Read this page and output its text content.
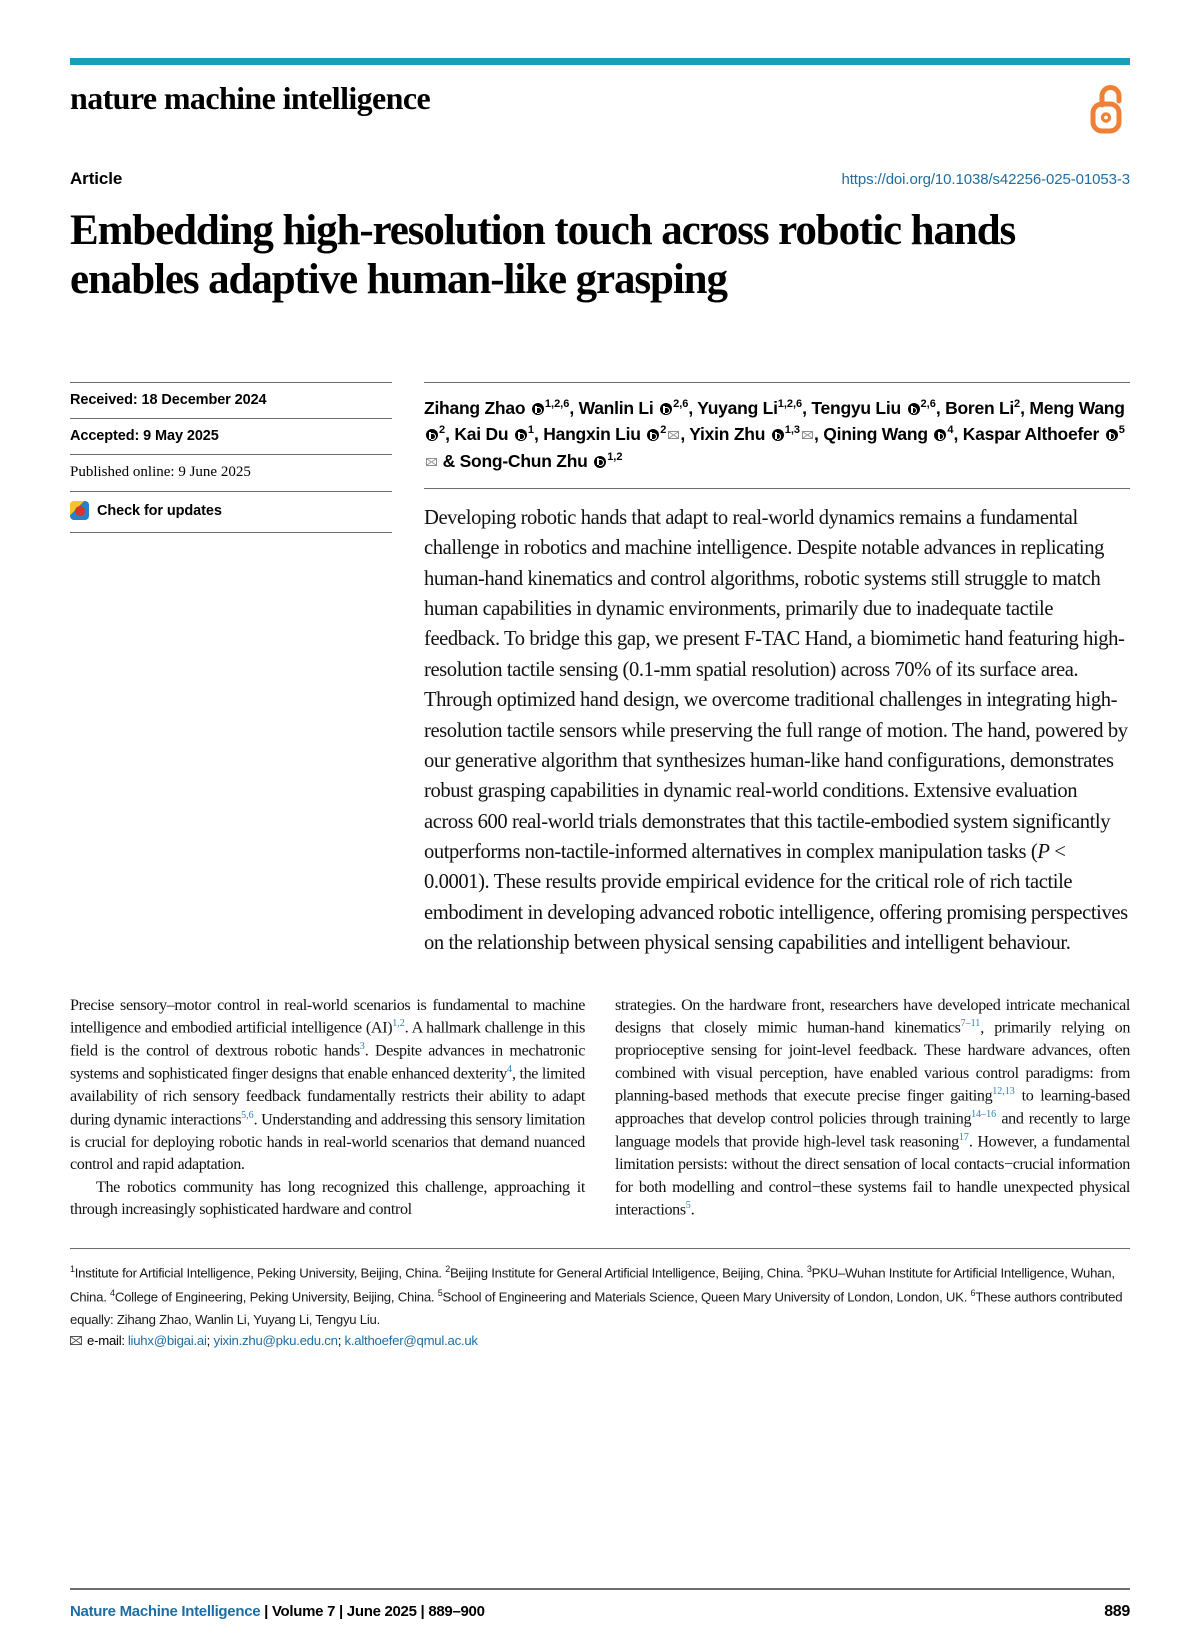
nature machine intelligence
Article	https://doi.org/10.1038/s42256-025-01053-3
Embedding high-resolution touch across robotic hands enables adaptive human-like grasping
Received: 18 December 2024
Accepted: 9 May 2025
Published online: 9 June 2025
Check for updates
Zihang Zhao $^{1,2,6}$, Wanlin Li $^{2,6}$, Yuyang Li$^{1,2,6}$, Tengyu Liu $^{2,6}$, Boren Li$^2$, Meng Wang $^2$, Kai Du $^1$, Hangxin Liu $^2$ , Yixin Zhu $^{1,3}$ , Qining Wang $^4$, Kaspar Althoefer $^5$ & Song-Chun Zhu $^{1,2}$
Developing robotic hands that adapt to real-world dynamics remains a fundamental challenge in robotics and machine intelligence. Despite notable advances in replicating human-hand kinematics and control algorithms, robotic systems still struggle to match human capabilities in dynamic environments, primarily due to inadequate tactile feedback. To bridge this gap, we present F-TAC Hand, a biomimetic hand featuring high-resolution tactile sensing (0.1-mm spatial resolution) across 70% of its surface area. Through optimized hand design, we overcome traditional challenges in integrating high-resolution tactile sensors while preserving the full range of motion. The hand, powered by our generative algorithm that synthesizes human-like hand configurations, demonstrates robust grasping capabilities in dynamic real-world conditions. Extensive evaluation across 600 real-world trials demonstrates that this tactile-embodied system significantly outperforms non-tactile-informed alternatives in complex manipulation tasks (P < 0.0001). These results provide empirical evidence for the critical role of rich tactile embodiment in developing advanced robotic intelligence, offering promising perspectives on the relationship between physical sensing capabilities and intelligent behaviour.

Precise sensory–motor control in real-world scenarios is fundamental to machine intelligence and embodied artificial intelligence (AI)$^{1,2}$. A hallmark challenge in this field is the control of dextrous robotic hands$^3$. Despite advances in mechatronic systems and sophisticated finger designs that enable enhanced dexterity$^4$, the limited availability of rich sensory feedback fundamentally restricts their ability to adapt during dynamic interactions$^{5,6}$. Understanding and addressing this sensory limitation is crucial for deploying robotic hands in real-world scenarios that demand nuanced control and rapid adaptation.

The robotics community has long recognized this challenge, approaching it through increasingly sophisticated hardware and control

strategies. On the hardware front, researchers have developed intricate mechanical designs that closely mimic human-hand kinematics$^{7-11}$, primarily relying on proprioceptive sensing for joint-level feedback. These hardware advances, often combined with visual perception, have enabled various control paradigms: from planning-based methods that execute precise finger gaiting$^{12,13}$ to learning-based approaches that develop control policies through training$^{14-16}$ and recently to large language models that provide high-level task reasoning$^{17}$. However, a fundamental limitation persists: without the direct sensation of local contacts−crucial information for both modelling and control−these systems fail to handle unexpected physical interactions$^5$.

$^1$Institute for Artificial Intelligence, Peking University, Beijing, China. $^2$Beijing Institute for General Artificial Intelligence, Beijing, China. $^3$PKU–Wuhan Institute for Artificial Intelligence, Wuhan, China. $^4$College of Engineering, Peking University, Beijing, China. $^5$School of Engineering and Materials Science, Queen Mary University of London, London, UK. $^6$These authors contributed equally: Zihang Zhao, Wanlin Li, Yuyang Li, Tengyu Liu.
e-mail: liuhx@bigai.ai; yixin.zhu@pku.edu.cn; k.althoefer@qmul.ac.uk
Nature Machine Intelligence | Volume 7 | June 2025 | 889–900	889
